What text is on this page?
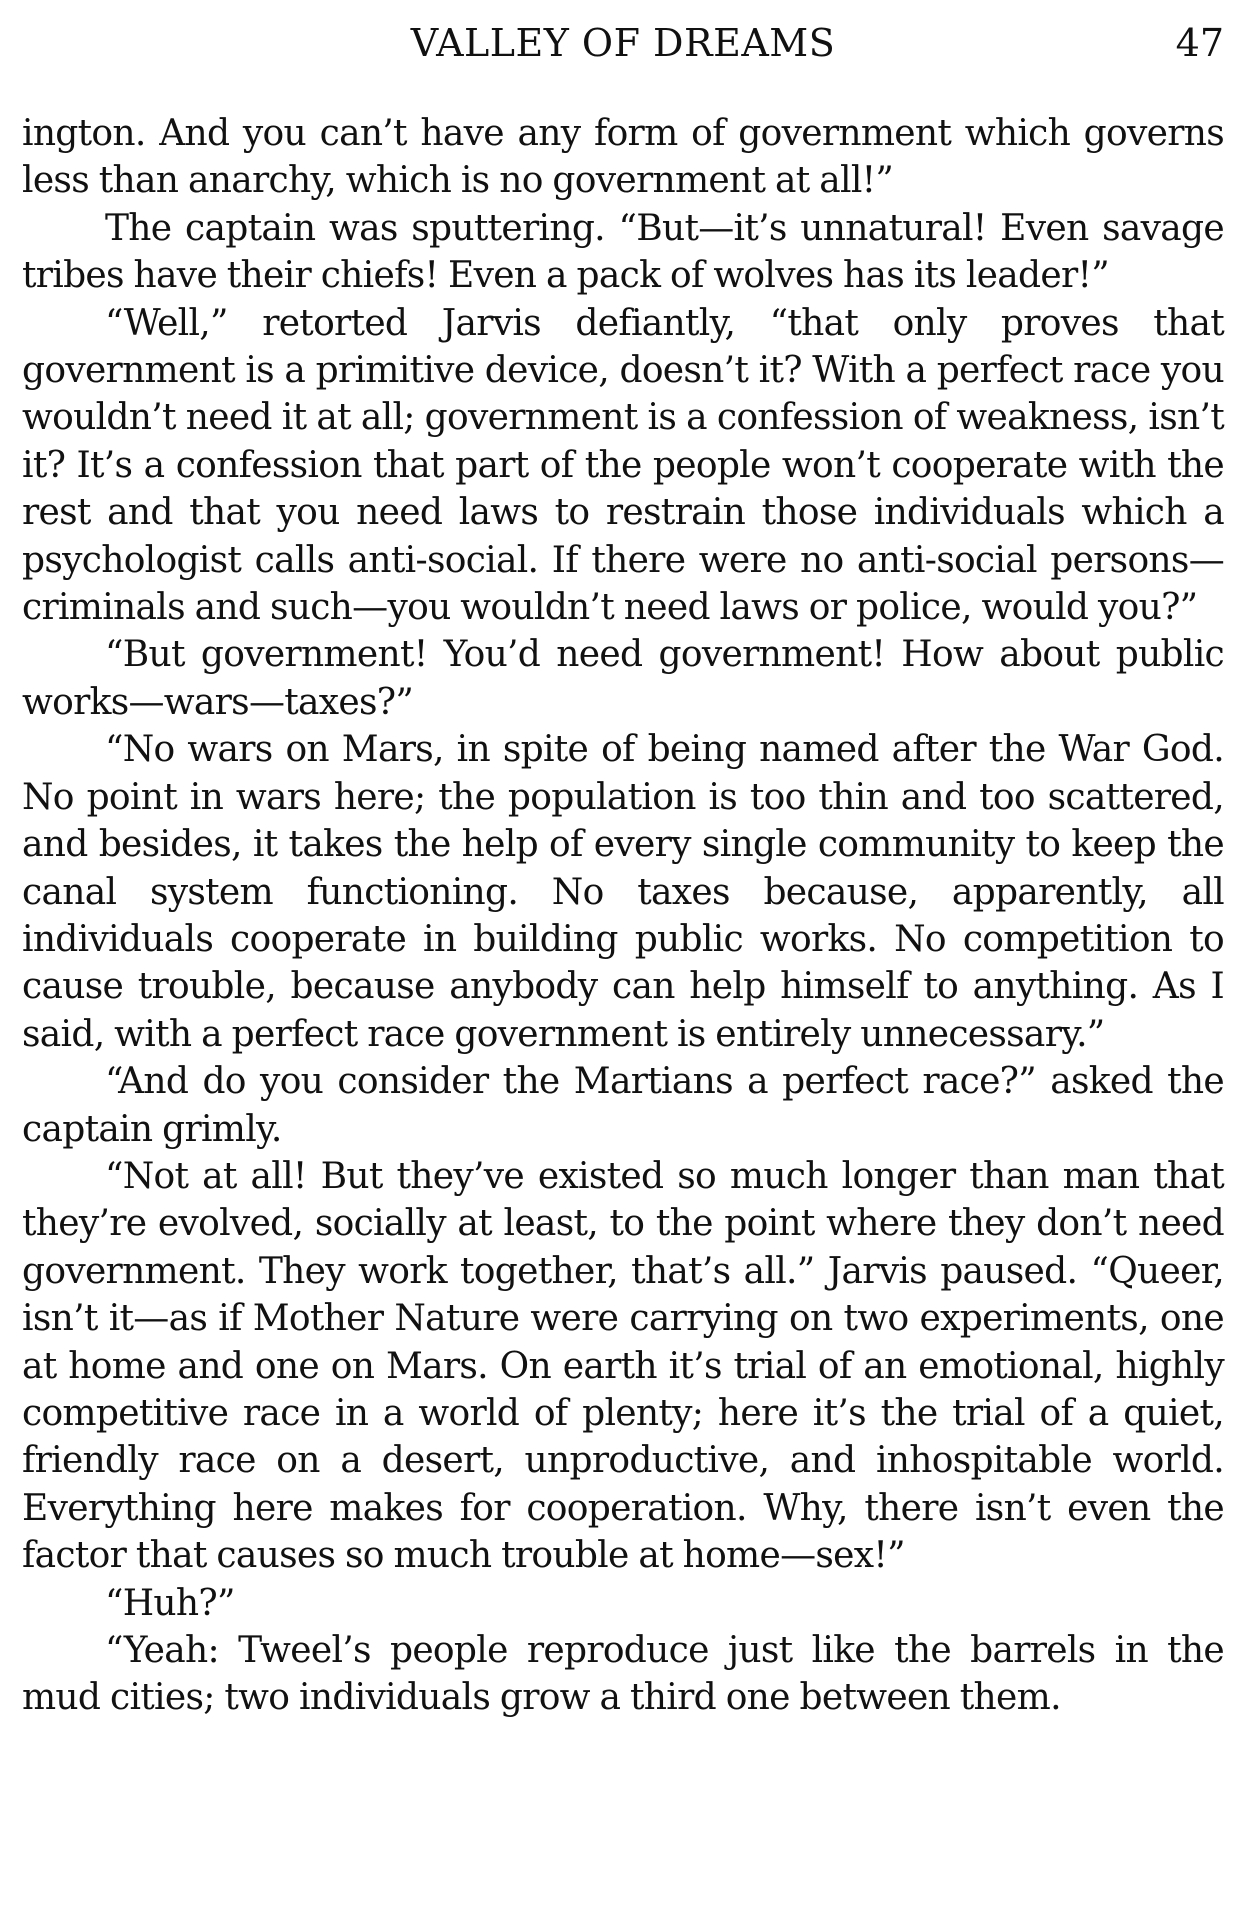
VALLEY OF DREAMS	47

ington. And you can’t have any form of government which governs less than anarchy, which is no government at all!”

The captain was sputtering. “But—it’s unnatural! Even savage tribes have their chiefs! Even a pack of wolves has its leader!”

“Well,” retorted Jarvis defiantly, “that only proves that government is a primitive device, doesn’t it? With a perfect race you wouldn’t need it at all; government is a confession of weakness, isn’t it? It’s a confession that part of the people won’t cooperate with the rest and that you need laws to restrain those individuals which a psychologist calls anti-social. If there were no anti-social persons—criminals and such—you wouldn’t need laws or police, would you?”

“But government! You’d need government! How about public works—wars—taxes?”

“No wars on Mars, in spite of being named after the War God. No point in wars here; the population is too thin and too scattered, and besides, it takes the help of every single community to keep the canal system functioning. No taxes because, apparently, all individuals cooperate in building public works. No competition to cause trouble, because anybody can help himself to anything. As I said, with a perfect race government is entirely unnecessary.”

“And do you consider the Martians a perfect race?” asked the captain grimly.

“Not at all! But they’ve existed so much longer than man that they’re evolved, socially at least, to the point where they don’t need government. They work together, that’s all.” Jarvis paused. “Queer, isn’t it—as if Mother Nature were carrying on two experiments, one at home and one on Mars. On earth it’s trial of an emotional, highly competitive race in a world of plenty; here it’s the trial of a quiet, friendly race on a desert, unproductive, and inhospitable world. Everything here makes for cooperation. Why, there isn’t even the factor that causes so much trouble at home—sex!”

“Huh?”

“Yeah: Tweel’s people reproduce just like the barrels in the mud cities; two individuals grow a third one between them.
